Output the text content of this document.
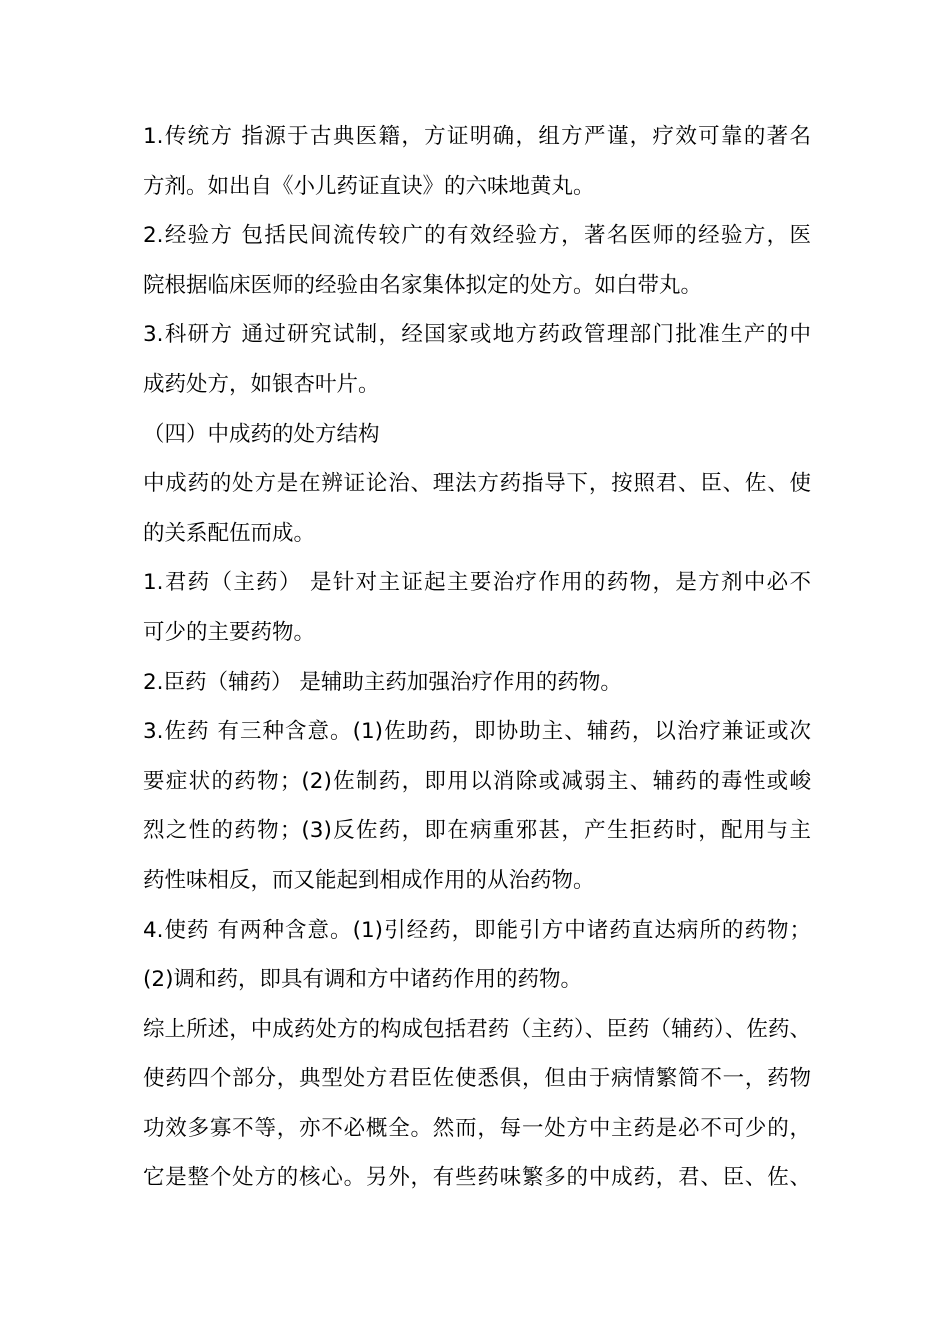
1.传统方 指源于古典医籍，方证明确，组方严谨，疗效可靠的著名
方剂。如出自《小儿药证直诀》的六味地黄丸。
2.经验方 包括民间流传较广的有效经验方，著名医师的经验方，医
院根据临床医师的经验由名家集体拟定的处方。如白带丸。
3.科研方 通过研究试制，经国家或地方药政管理部门批准生产的中
成药处方，如银杏叶片。
（四）中成药的处方结构
中成药的处方是在辨证论治、理法方药指导下，按照君、臣、佐、使
的关系配伍而成。
1.君药（主药） 是针对主证起主要治疗作用的药物，是方剂中必不
可少的主要药物。
2.臣药（辅药） 是辅助主药加强治疗作用的药物。
3.佐药 有三种含意。(1)佐助药，即协助主、辅药，以治疗兼证或次
要症状的药物；(2)佐制药，即用以消除或减弱主、辅药的毒性或峻
烈之性的药物；(3)反佐药，即在病重邪甚，产生拒药时，配用与主
药性味相反，而又能起到相成作用的从治药物。
4.使药 有两种含意。(1)引经药，即能引方中诸药直达病所的药物；
(2)调和药，即具有调和方中诸药作用的药物。
综上所述，中成药处方的构成包括君药（主药）、臣药（辅药）、佐药、
使药四个部分，典型处方君臣佐使悉俱，但由于病情繁简不一，药物
功效多寡不等，亦不必概全。然而，每一处方中主药是必不可少的，
它是整个处方的核心。另外，有些药味繁多的中成药，君、臣、佐、
